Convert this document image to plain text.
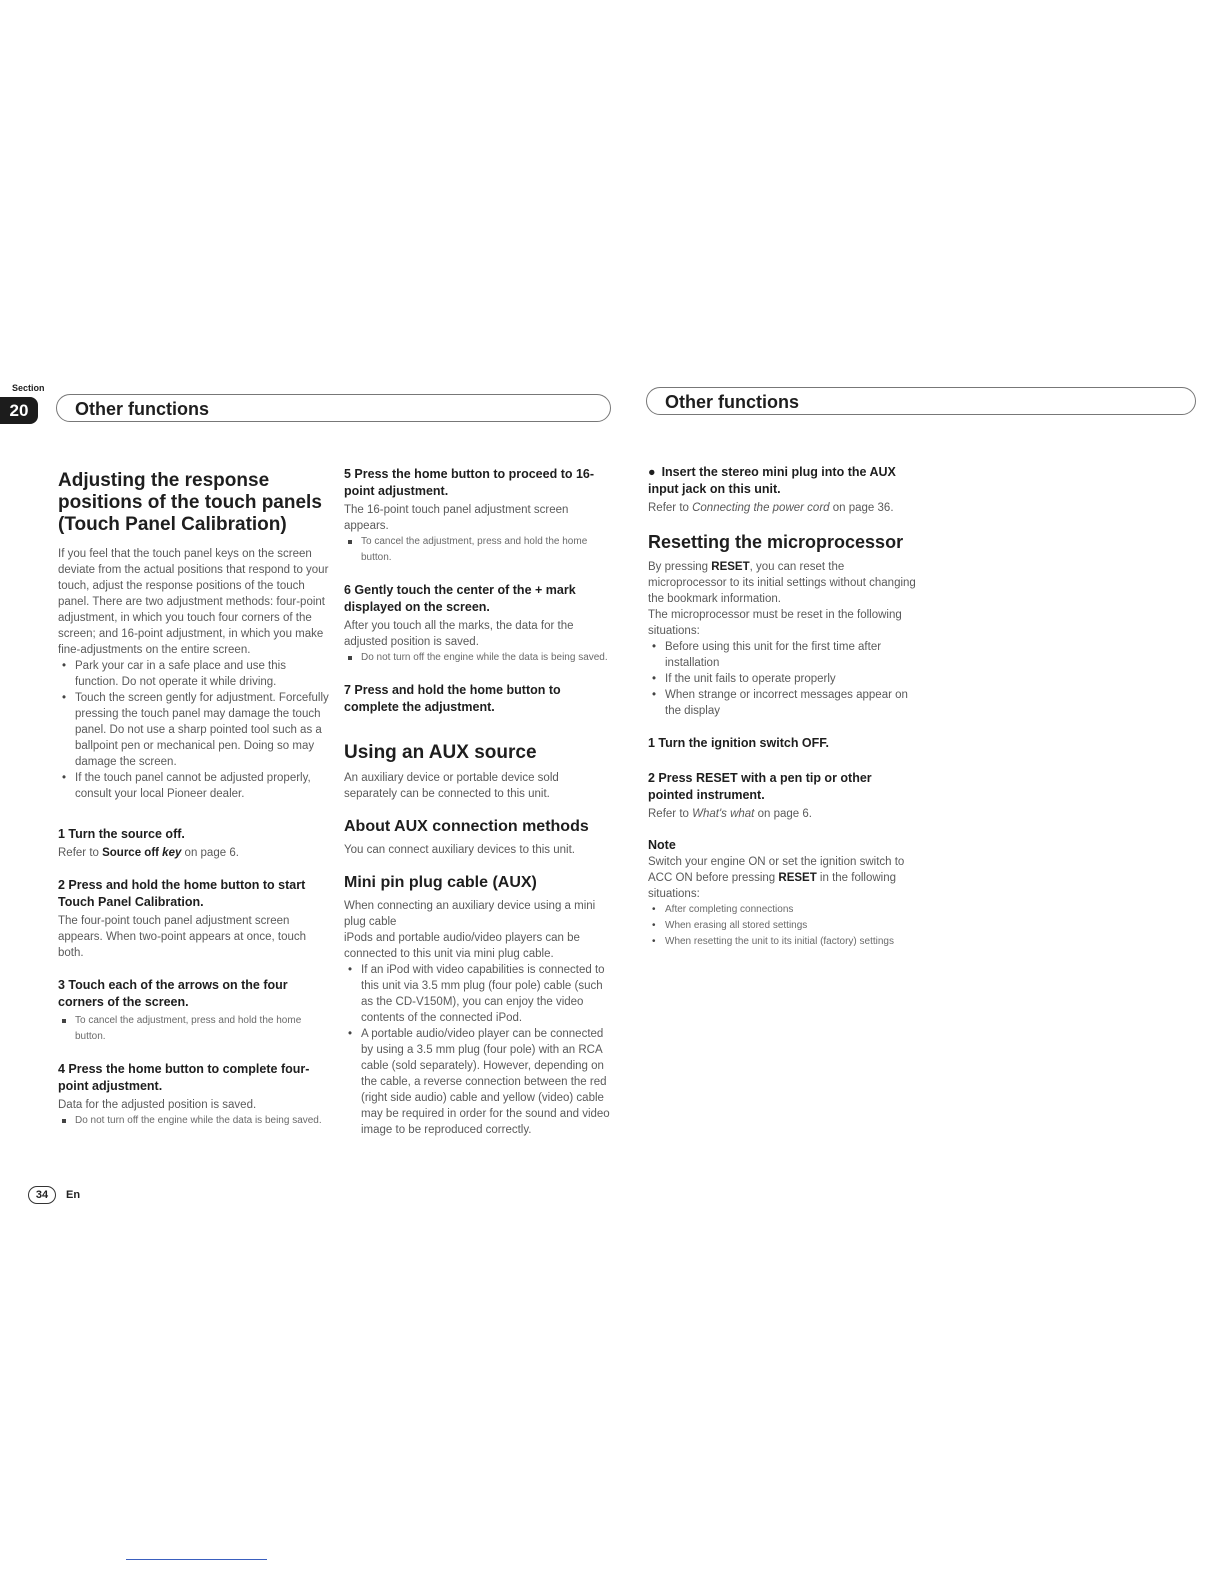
Section
20	Other functions	Other functions
Adjusting the response positions of the touch panels (Touch Panel Calibration)

If you feel that the touch panel keys on the screen deviate from the actual positions that respond to your touch, adjust the response positions of the touch panel. There are two adjustment methods: four-point adjustment, in which you touch four corners of the screen; and 16-point adjustment, in which you make fine-adjustments on the entire screen.

• Park your car in a safe place and use this function. Do not operate it while driving.
• Touch the screen gently for adjustment. Forcefully pressing the touch panel may damage the touch panel. Do not use a sharp pointed tool such as a ballpoint pen or mechanical pen. Doing so may damage the screen.
• If the touch panel cannot be adjusted properly, consult your local Pioneer dealer.
1 Turn the source off.

Refer to Source off key on page 6.

2 Press and hold the home button to start Touch Panel Calibration.

The four-point touch panel adjustment screen appears. When two-point appears at once, touch both.

3 Touch each of the arrows on the four corners of the screen.
To cancel the adjustment, press and hold the home button.
4 Press the home button to complete four-point adjustment.

Data for the adjusted position is saved.

Do not turn off the engine while the data is being saved.
5 Press the home button to proceed to 16-point adjustment.

The 16-point touch panel adjustment screen appears.

To cancel the adjustment, press and hold the home button.
6 Gently touch the center of the + mark displayed on the screen.

After you touch all the marks, the data for the adjusted position is saved.

Do not turn off the engine while the data is being saved.
7 Press and hold the home button to complete the adjustment.
Using an AUX source

An auxiliary device or portable device sold separately can be connected to this unit.

About AUX connection methods

You can connect auxiliary devices to this unit.

Mini pin plug cable (AUX)

When connecting an auxiliary device using a mini plug cable

iPods and portable audio/video players can be connected to this unit via mini plug cable.

• If an iPod with video capabilities is connected to this unit via 3.5 mm plug (four pole) cable (such as the CD-V150M), you can enjoy the video contents of the connected iPod.
• A portable audio/video player can be connected by using a 3.5 mm plug (four pole) with an RCA cable (sold separately). However, depending on the cable, a reverse connection between the red (right side audio) cable and yellow (video) cable may be required in order for the sound and video image to be reproduced correctly.
● Insert the stereo mini plug into the AUX input jack on this unit.

Refer to Connecting the power cord on page 36.

Resetting the microprocessor

By pressing RESET, you can reset the microprocessor to its initial settings without changing the bookmark information.

The microprocessor must be reset in the following situations:

• Before using this unit for the first time after installation
• If the unit fails to operate properly
• When strange or incorrect messages appear on the display
1 Turn the ignition switch OFF.
2 Press RESET with a pen tip or other pointed instrument.

Refer to What's what on page 6.

Note

Switch your engine ON or set the ignition switch to ACC ON before pressing RESET in the following situations:

• After completing connections
• When erasing all stored settings
• When resetting the unit to its initial (factory) settings
34	En
